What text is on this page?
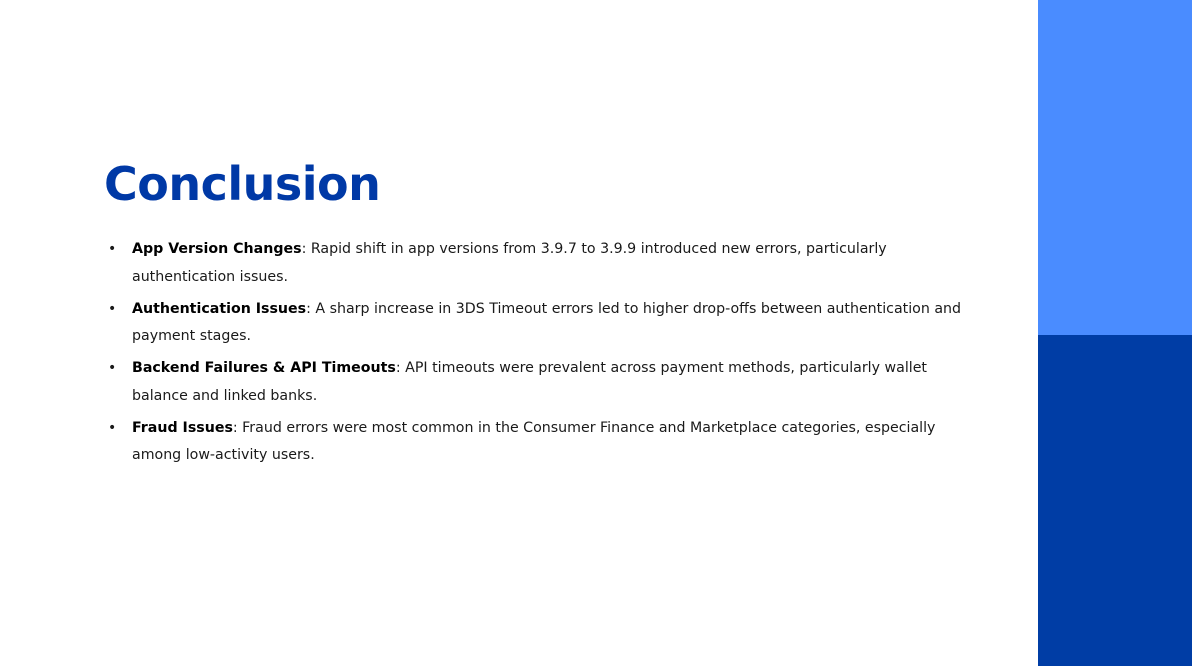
Conclusion
• App Version Changes: Rapid shift in app versions from 3.9.7 to 3.9.9 introduced new errors, particularly authentication issues.
• Authentication Issues: A sharp increase in 3DS Timeout errors led to higher drop-offs between authentication and payment stages.
• Backend Failures & API Timeouts: API timeouts were prevalent across payment methods, particularly wallet balance and linked banks.
• Fraud Issues: Fraud errors were most common in the Consumer Finance and Marketplace categories, especially among low-activity users.
